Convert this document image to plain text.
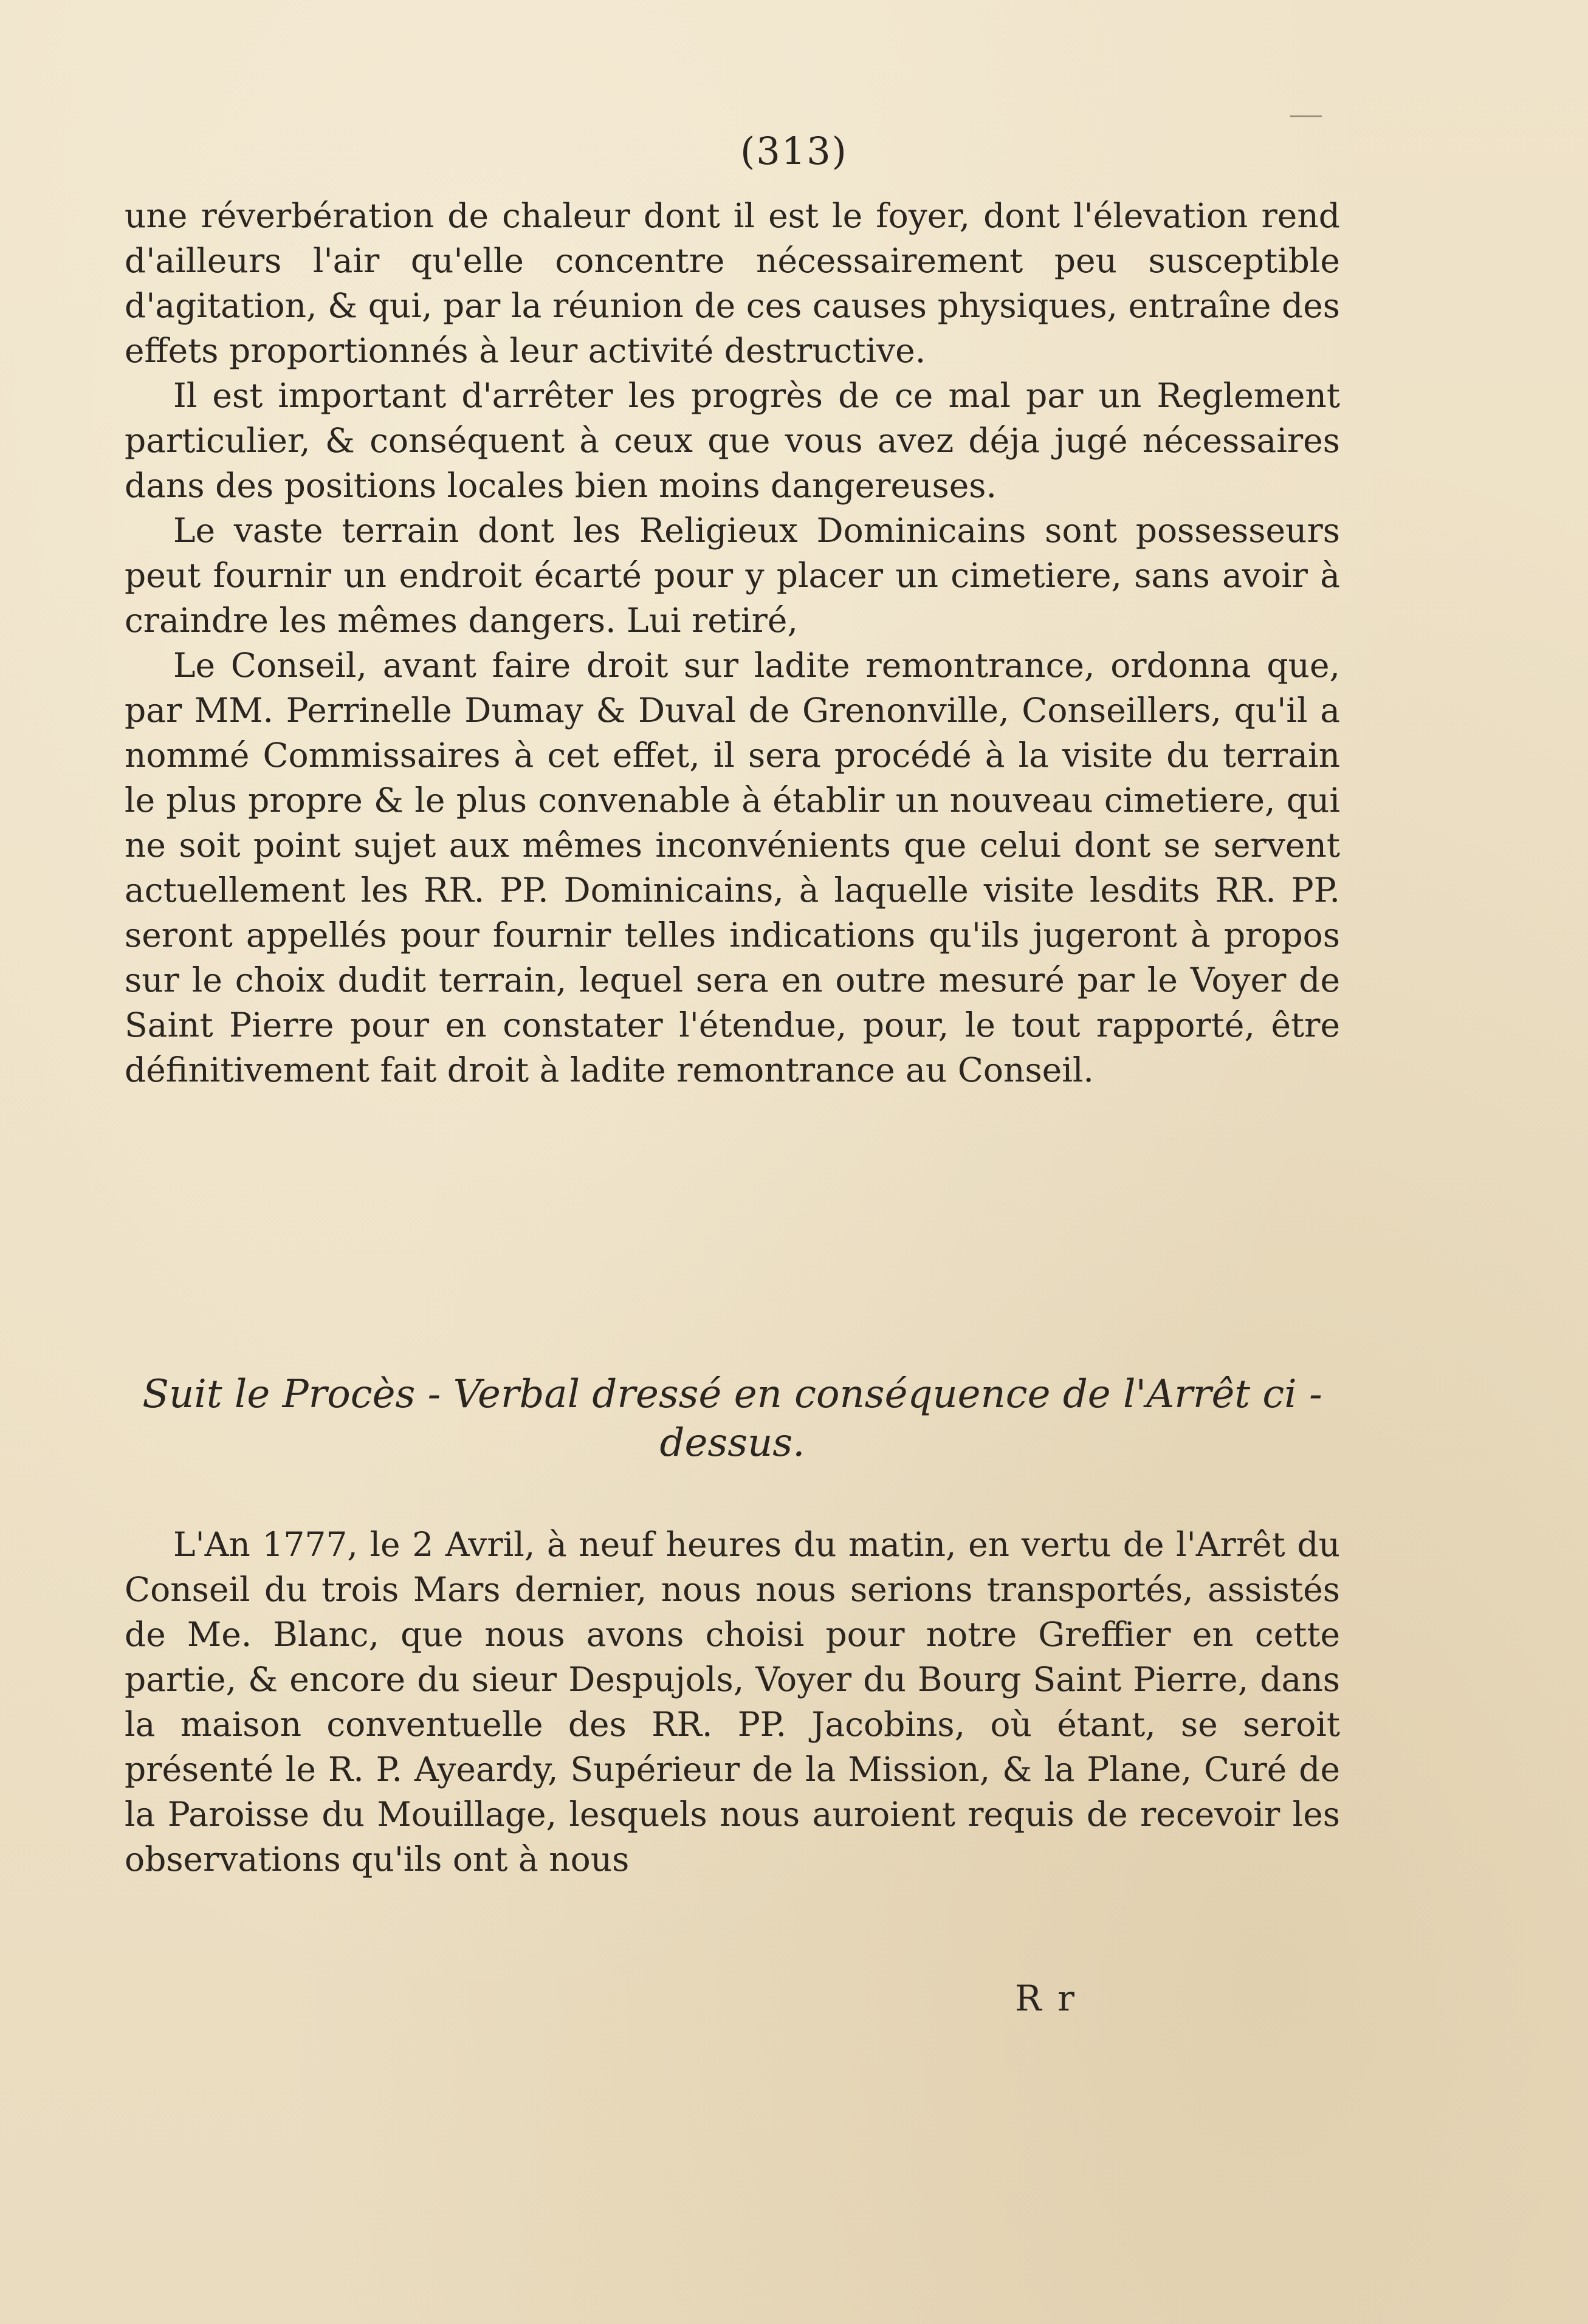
(313)

une réverbération de chaleur dont il est le foyer, dont l'élevation rend d'ailleurs l'air qu'elle concentre nécessairement peu susceptible d'agitation, & qui, par la réunion de ces causes physiques, entraîne des effets proportionnés à leur activité destructive.

Il est important d'arrêter les progrès de ce mal par un Reglement particulier, & conséquent à ceux que vous avez déja jugé nécessaires dans des positions locales bien moins dangereuses.

Le vaste terrain dont les Religieux Dominicains sont possesseurs peut fournir un endroit écarté pour y placer un cimetiere, sans avoir à craindre les mêmes dangers. Lui retiré,

Le Conseil, avant faire droit sur ladite remontrance, ordonna que, par MM. Perrinelle Dumay & Duval de Grenonville, Conseillers, qu'il a nommé Commissaires à cet effet, il sera procédé à la visite du terrain le plus propre & le plus convenable à établir un nouveau cimetiere, qui ne soit point sujet aux mêmes inconvénients que celui dont se servent actuellement les RR. PP. Dominicains, à laquelle visite lesdits RR. PP. seront appellés pour fournir telles indications qu'ils jugeront à propos sur le choix dudit terrain, lequel sera en outre mesuré par le Voyer de Saint Pierre pour en constater l'étendue, pour, le tout rapporté, être définitivement fait droit à ladite remontrance au Conseil.

Suit le Procès - Verbal dressé en conséquence de l'Arrêt ci - dessus.

L'An 1777, le 2 Avril, à neuf heures du matin, en vertu de l'Arrêt du Conseil du trois Mars dernier, nous nous serions transportés, assistés de Me. Blanc, que nous avons choisi pour notre Greffier en cette partie, & encore du sieur Despujols, Voyer du Bourg Saint Pierre, dans la maison conventuelle des RR. PP. Jacobins, où étant, se seroit présenté le R. P. Ayeardy, Supérieur de la Mission, & la Plane, Curé de la Paroisse du Mouillage, lesquels nous auroient requis de recevoir les observations qu'ils ont à nous

R r
